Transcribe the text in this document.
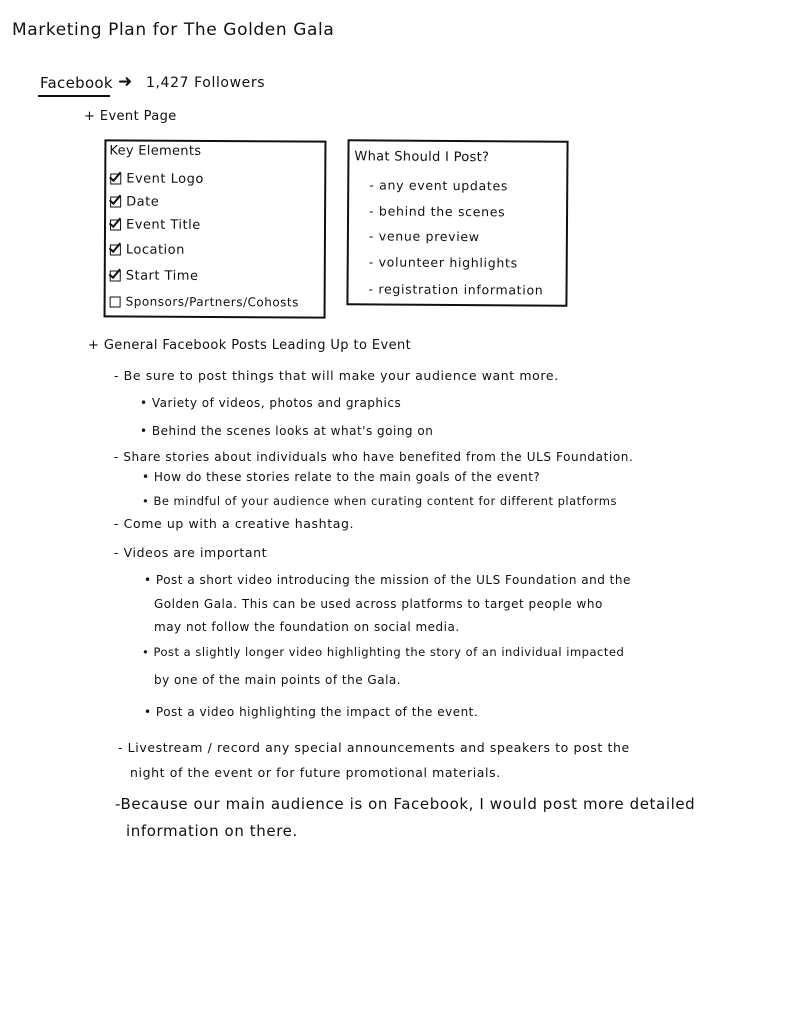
Marketing Plan for The Golden Gala
Facebook ➜ 1,427 Followers
+ Event Page
Key Elements
Event Logo
Date
Event Title
Location
Start Time
Sponsors/Partners/Cohosts
What Should I Post?
- any event updates
- behind the scenes
- venue preview
- volunteer highlights
- registration information
+ General Facebook Posts Leading Up to Event
- Be sure to post things that will make your audience want more.
• Variety of videos, photos and graphics
• Behind the scenes looks at what's going on
- Share stories about individuals who have benefited from the ULS Foundation.
• How do these stories relate to the main goals of the event?
• Be mindful of your audience when curating content for different platforms
- Come up with a creative hashtag.
- Videos are important
• Post a short video introducing the mission of the ULS Foundation and the
Golden Gala. This can be used across platforms to target people who
may not follow the foundation on social media.
• Post a slightly longer video highlighting the story of an individual impacted
by one of the main points of the Gala.
• Post a video highlighting the impact of the event.
- Livestream / record any special announcements and speakers to post the
night of the event or for future promotional materials.
-Because our main audience is on Facebook, I would post more detailed
information on there.
